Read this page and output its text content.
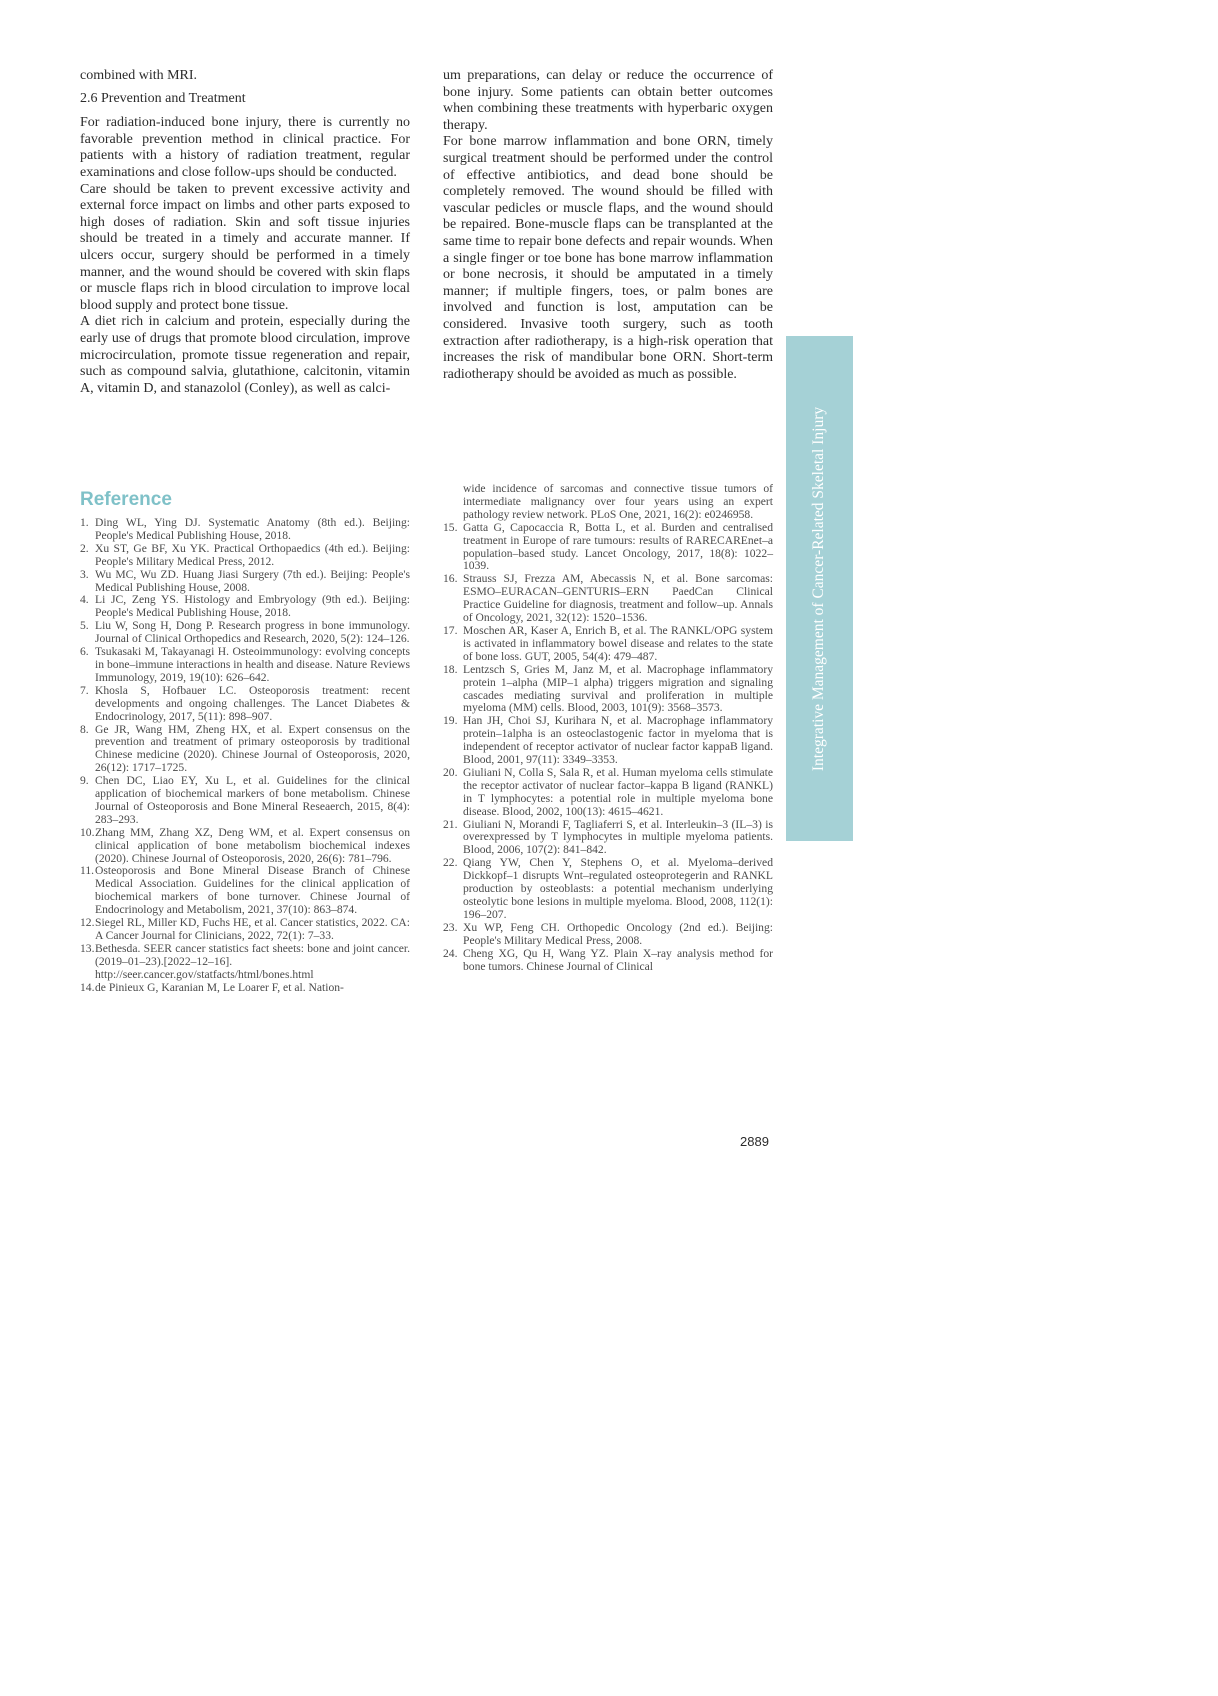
combined with MRI.

2.6 Prevention and Treatment

For radiation-induced bone injury, there is currently no favorable prevention method in clinical practice. For patients with a history of radiation treatment, regular examinations and close follow-ups should be conducted.

Care should be taken to prevent excessive activity and external force impact on limbs and other parts exposed to high doses of radiation. Skin and soft tissue injuries should be treated in a timely and accurate manner. If ulcers occur, surgery should be performed in a timely manner, and the wound should be covered with skin flaps or muscle flaps rich in blood circulation to improve local blood supply and protect bone tissue.

A diet rich in calcium and protein, especially during the early use of drugs that promote blood circulation, improve microcirculation, promote tissue regeneration and repair, such as compound salvia, glutathione, calcitonin, vitamin A, vitamin D, and stanazolol (Conley), as well as calci-

um preparations, can delay or reduce the occurrence of bone injury. Some patients can obtain better outcomes when combining these treatments with hyperbaric oxygen therapy.

For bone marrow inflammation and bone ORN, timely surgical treatment should be performed under the control of effective antibiotics, and dead bone should be completely removed. The wound should be filled with vascular pedicles or muscle flaps, and the wound should be repaired. Bone-muscle flaps can be transplanted at the same time to repair bone defects and repair wounds. When a single finger or toe bone has bone marrow inflammation or bone necrosis, it should be amputated in a timely manner; if multiple fingers, toes, or palm bones are involved and function is lost, amputation can be considered. Invasive tooth surgery, such as tooth extraction after radiotherapy, is a high-risk operation that increases the risk of mandibular bone ORN. Short-term radiotherapy should be avoided as much as possible.

Reference

1. Ding WL, Ying DJ. Systematic Anatomy (8th ed.). Beijing: People's Medical Publishing House, 2018.

2. Xu ST, Ge BF, Xu YK. Practical Orthopaedics (4th ed.). Beijing: People's Military Medical Press, 2012.

3. Wu MC, Wu ZD. Huang Jiasi Surgery (7th ed.). Beijing: People's Medical Publishing House, 2008.

4. Li JC, Zeng YS. Histology and Embryology (9th ed.). Beijing: People's Medical Publishing House, 2018.

5. Liu W, Song H, Dong P. Research progress in bone immunology. Journal of Clinical Orthopedics and Research, 2020, 5(2): 124–126.

6. Tsukasaki M, Takayanagi H. Osteoimmunology: evolving concepts in bone–immune interactions in health and disease. Nature Reviews Immunology, 2019, 19(10): 626–642.

7. Khosla S, Hofbauer LC. Osteoporosis treatment: recent developments and ongoing challenges. The Lancet Diabetes & Endocrinology, 2017, 5(11): 898–907.

8. Ge JR, Wang HM, Zheng HX, et al. Expert consensus on the prevention and treatment of primary osteoporosis by traditional Chinese medicine (2020). Chinese Journal of Osteoporosis, 2020, 26(12): 1717–1725.

9. Chen DC, Liao EY, Xu L, et al. Guidelines for the clinical application of biochemical markers of bone metabolism. Chinese Journal of Osteoporosis and Bone Mineral Reseaerch, 2015, 8(4): 283–293.

10. Zhang MM, Zhang XZ, Deng WM, et al. Expert consensus on clinical application of bone metabolism biochemical indexes (2020). Chinese Journal of Osteoporosis, 2020, 26(6): 781–796.

11. Osteoporosis and Bone Mineral Disease Branch of Chinese Medical Association. Guidelines for the clinical application of biochemical markers of bone turnover. Chinese Journal of Endocrinology and Metabolism, 2021, 37(10): 863–874.

12. Siegel RL, Miller KD, Fuchs HE, et al. Cancer statistics, 2022. CA: A Cancer Journal for Clinicians, 2022, 72(1): 7–33.

13. Bethesda. SEER cancer statistics fact sheets: bone and joint cancer. (2019–01–23).[2022–12–16]. http://seer.cancer.gov/statfacts/html/bones.html

14. de Pinieux G, Karanian M, Le Loarer F, et al. Nation-

wide incidence of sarcomas and connective tissue tumors of intermediate malignancy over four years using an expert pathology review network. PLoS One, 2021, 16(2): e0246958.

15. Gatta G, Capocaccia R, Botta L, et al. Burden and centralised treatment in Europe of rare tumours: results of RARECAREnet–a population–based study. Lancet Oncology, 2017, 18(8): 1022–1039.

16. Strauss SJ, Frezza AM, Abecassis N, et al. Bone sarcomas: ESMO–EURACAN–GENTURIS–ERN PaedCan Clinical Practice Guideline for diagnosis, treatment and follow–up. Annals of Oncology, 2021, 32(12): 1520–1536.

17. Moschen AR, Kaser A, Enrich B, et al. The RANKL/OPG system is activated in inflammatory bowel disease and relates to the state of bone loss. GUT, 2005, 54(4): 479–487.

18. Lentzsch S, Gries M, Janz M, et al. Macrophage inflammatory protein 1–alpha (MIP–1 alpha) triggers migration and signaling cascades mediating survival and proliferation in multiple myeloma (MM) cells. Blood, 2003, 101(9): 3568–3573.

19. Han JH, Choi SJ, Kurihara N, et al. Macrophage inflammatory protein–1alpha is an osteoclastogenic factor in myeloma that is independent of receptor activator of nuclear factor kappaB ligand. Blood, 2001, 97(11): 3349–3353.

20. Giuliani N, Colla S, Sala R, et al. Human myeloma cells stimulate the receptor activator of nuclear factor–kappa B ligand (RANKL) in T lymphocytes: a potential role in multiple myeloma bone disease. Blood, 2002, 100(13): 4615–4621.

21. Giuliani N, Morandi F, Tagliaferri S, et al. Interleukin–3 (IL–3) is overexpressed by T lymphocytes in multiple myeloma patients. Blood, 2006, 107(2): 841–842.

22. Qiang YW, Chen Y, Stephens O, et al. Myeloma–derived Dickkopf–1 disrupts Wnt–regulated osteoprotegerin and RANKL production by osteoblasts: a potential mechanism underlying osteolytic bone lesions in multiple myeloma. Blood, 2008, 112(1): 196–207.

23. Xu WP, Feng CH. Orthopedic Oncology (2nd ed.). Beijing: People's Military Medical Press, 2008.

24. Cheng XG, Qu H, Wang YZ. Plain X–ray analysis method for bone tumors. Chinese Journal of Clinical

Integrative Management of Cancer-Related Skeletal Injury
2889
